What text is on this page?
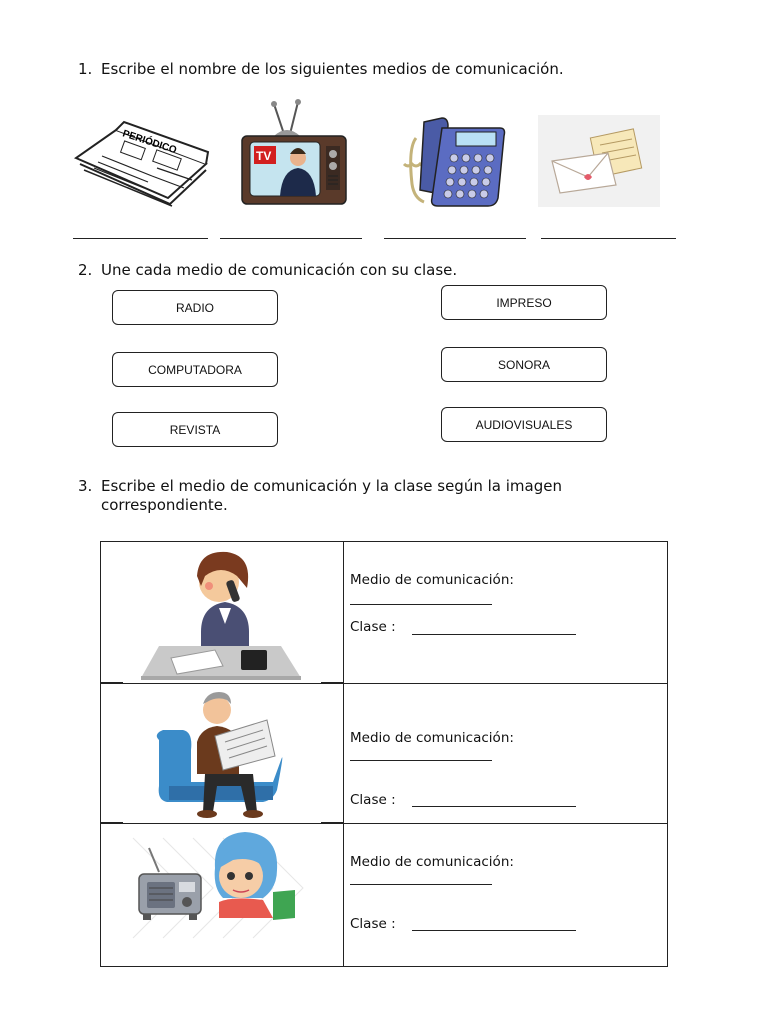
1. Escribe el nombre de los siguientes medios de comunicación.
PERIÓDICO	TV
2. Une cada medio de comunicación con su clase.
RADIO
COMPUTADORA
REVISTA
IMPRESO
SONORA
AUDIOVISUALES
3. Escribe el medio de comunicación y la clase según la imagen
correspondiente.

Medio de comunicación:
Clase :

Medio de comunicación:
Clase :

Medio de comunicación:
Clase :
